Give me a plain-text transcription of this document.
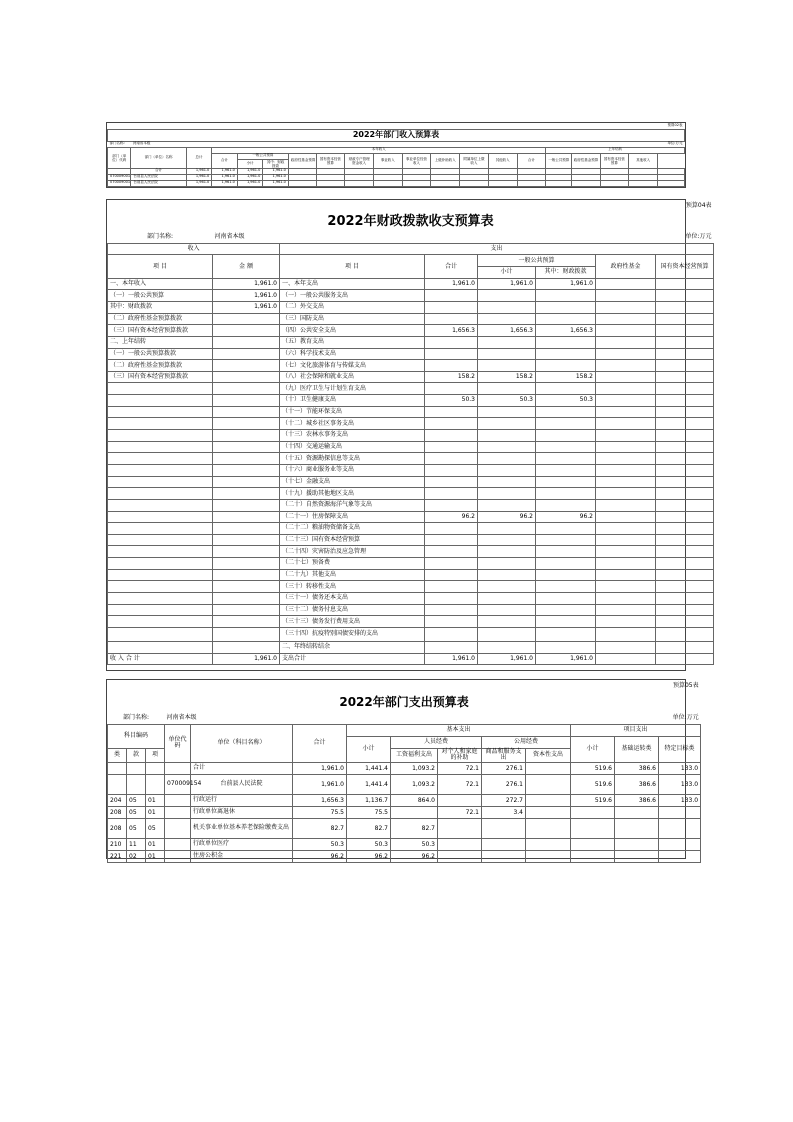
预算02表																			
2022年部门收入预算表																			
部门名称:	河南省本级				单位:万元														
部门（单位）代码	部门（单位）名称	总计	本年收入												上年结转				
			合计	一般公共预算		政府性基金预算	国有资本经营预算	财政专户管理资金收入	事业收入	事业单位经营收入	上级补助收入	附属单位上缴收入	其他收入	合计	一般公共预算	政府性基金预算	国有资本经营预算	其他收入	
				小计	其中：财政拨款														
	合计	1,961.0	1,961.0	1,961.0	1,961.0														
070009001	台前县人民法院	1,961.0	1,961.0	1,961.0	1,961.0														
070009001	台前县人民法院	1,961.0	1,961.0	1,961.0	1,961.0														
预算04表							
2022年财政拨款收支预算表							
部门名称:	河南省本级		单位:万元				
收入		支出					
项 目	金 额	项 目	合计	一般公共预算		政府性基金	国有资本经营预算
				小计	其中：财政拨款		
一、本年收入	1,961.0	一、本年支出	1,961.0	1,961.0	1,961.0		
（一）一般公共预算	1,961.0	（一）一般公共服务支出					
其中：财政拨款	1,961.0	（二）外交支出					
（二）政府性基金预算拨款		（三）国防支出					
（三）国有资本经营预算拨款		（四）公共安全支出	1,656.3	1,656.3	1,656.3		
二、上年结转		（五）教育支出					
（一）一般公共预算拨款		（六）科学技术支出					
（二）政府性基金预算拨款		（七）文化旅游体育与传媒支出					
（三）国有资本经营预算拨款		（八）社会保障和就业支出	158.2	158.2	158.2		
		（九）医疗卫生与计划生育支出					
		（十）卫生健康支出	50.3	50.3	50.3		
		（十一）节能环保支出					
		（十二）城乡社区事务支出					
		（十三）农林水事务支出					
		（十四）交通运输支出					
		（十五）资源勘探信息等支出					
		（十六）商业服务业等支出					
		（十七）金融支出					
		（十九）援助其他地区支出					
		（二十）自然资源海洋气象等支出					
		（二十一）住房保障支出	96.2	96.2	96.2		
		（二十二）粮油物资储备支出					
		（二十三）国有资本经营预算					
		（二十四）灾害防治及应急管理					
		（二十七）预备费					
		（二十九）其他支出					
		（三十）转移性支出					
		（三十一）债务还本支出					
		（三十二）债务付息支出					
		（三十三）债务发行费用支出					
		（三十四）抗疫特别国债安排的支出					
		二、年终结转结余					
收 入 合 计	1,961.0	支出合计	1,961.0	1,961.0	1,961.0		
预算05表													
2022年部门支出预算表													
部门名称:			河南省本级			单位:万元							
科目编码			单位代码	单位（科目名称）	合计	基本支出					项目支出		
						小计	人员经费		公用经费		小计	基础运转类	特定目标类
类	款	项					工资福利支出	对个人和家庭的补助	商品和服务支出	资本性支出			

				合计	1,961.0	1,441.4	1,093.2	72.1	276.1		519.6	386.6	133.0
			070009154	台前县人民法院	1,961.0	1,441.4	1,093.2	72.1	276.1		519.6	386.6	133.0
204	05	01		行政运行	1,656.3	1,136.7	864.0		272.7		519.6	386.6	133.0
208	05	01		行政单位离退休	75.5	75.5		72.1	3.4				
208	05	05		机关事业单位基本养老保险缴费支出	82.7	82.7	82.7						
210	11	01		行政单位医疗	50.3	50.3	50.3						
221	02	01		住房公积金	96.2	96.2	96.2						
